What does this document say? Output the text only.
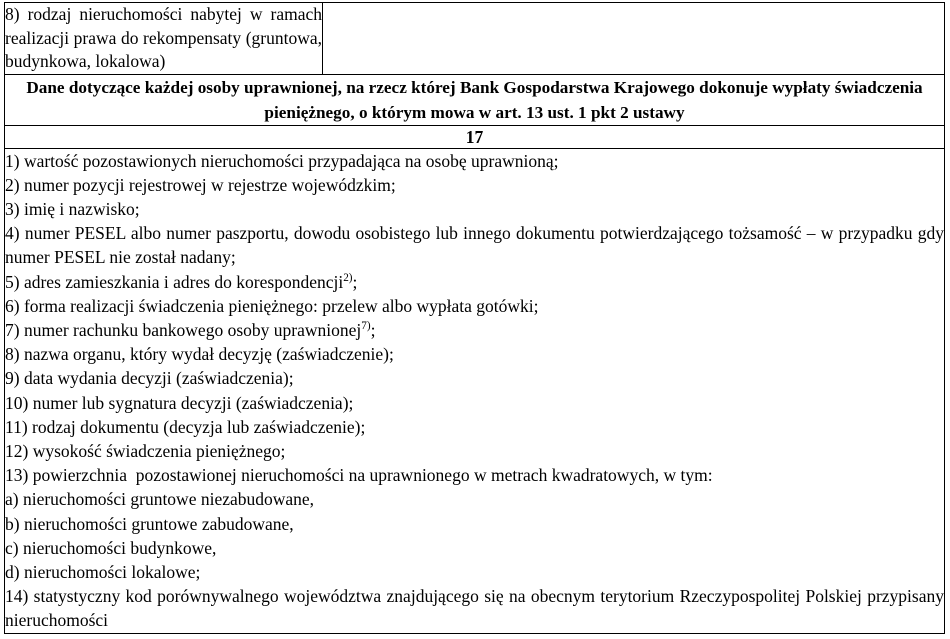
8) rodzaj nieruchomości nabytej w ramach realizacji prawa do rekompensaty (gruntowa, budynkowa, lokalowa)

Dane dotyczące każdej osoby uprawnionej, na rzecz której Bank Gospodarstwa Krajowego dokonuje wypłaty świadczenia pieniężnego, o którym mowa w art. 13 ust. 1 pkt 2 ustawy

17

1) wartość pozostawionych nieruchomości przypadająca na osobę uprawnioną;

2) numer pozycji rejestrowej w rejestrze wojewódzkim;

3) imię i nazwisko;

4) numer PESEL albo numer paszportu, dowodu osobistego lub innego dokumentu potwierdzającego tożsamość – w przypadku gdy numer PESEL nie został nadany;

5) adres zamieszkania i adres do korespondencji$^{2)}$;

6) forma realizacji świadczenia pieniężnego: przelew albo wypłata gotówki;

7) numer rachunku bankowego osoby uprawnionej$^{7)}$;

8) nazwa organu, który wydał decyzję (zaświadczenie);

9) data wydania decyzji (zaświadczenia);

10) numer lub sygnatura decyzji (zaświadczenia);

11) rodzaj dokumentu (decyzja lub zaświadczenie);

12) wysokość świadczenia pieniężnego;

13) powierzchnia  pozostawionej nieruchomości na uprawnionego w metrach kwadratowych, w tym:

a) nieruchomości gruntowe niezabudowane,

b) nieruchomości gruntowe zabudowane,

c) nieruchomości budynkowe,

d) nieruchomości lokalowe;

14) statystyczny kod porównywalnego województwa znajdującego się na obecnym terytorium Rzeczypospolitej Polskiej przypisany nieruchomości
